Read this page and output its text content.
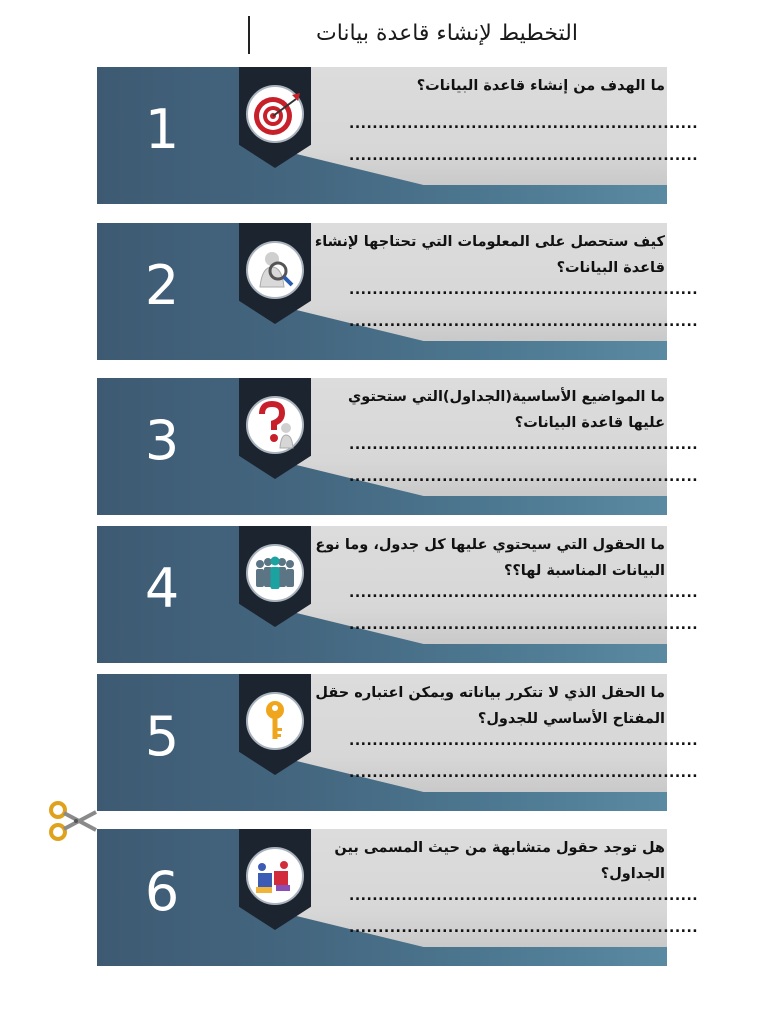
التخطيط لإنشاء قاعدة بيانات
1
ما الهدف من إنشاء قاعدة البيانات؟
............................................................
............................................................
2
كيف ستحصل على المعلومات التي تحتاجها لإنشاء قاعدة البيانات؟
............................................................
............................................................
3
ما المواضيع الأساسية(الجداول)التي ستحتوي عليها قاعدة البيانات؟
............................................................
............................................................
4
ما الحقول التي سيحتوي عليها كل جدول، وما نوع البيانات المناسبة لها؟؟
............................................................
............................................................
5
ما الحقل الذي لا تتكرر بياناته ويمكن اعتباره حقل المفتاح الأساسي للجدول؟
............................................................
............................................................
6
هل توجد حقول متشابهة من حيث المسمى بين الجداول؟
............................................................
............................................................
